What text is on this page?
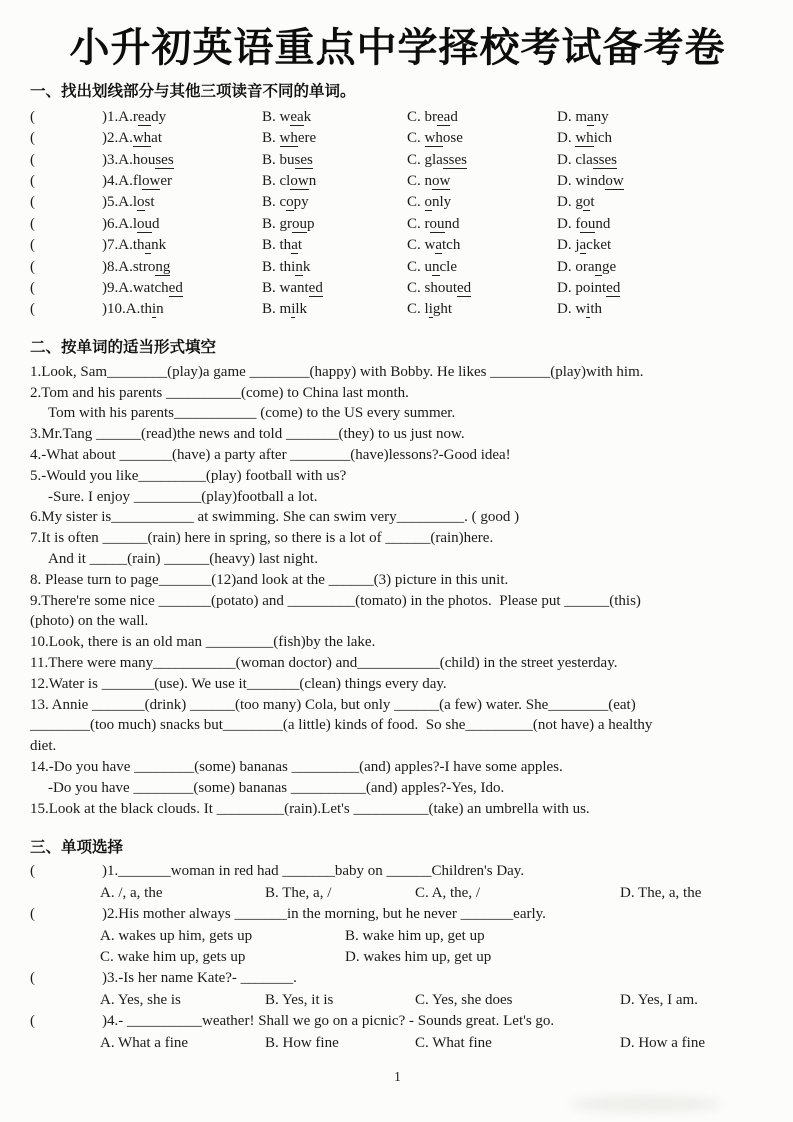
小升初英语重点中学择校考试备考卷
一、找出划线部分与其他三项读音不同的单词。
(	)1.A.ready	B. weak	C. bread	D. many
(	)2.A.what	B. where	C. whose	D. which
(	)3.A.houses	B. buses	C. glasses	D. classes
(	)4.A.flower	B. clown	C. now	D. window
(	)5.A.lost	B. copy	C. only	D. got
(	)6.A.loud	B. group	C. round	D. found
(	)7.A.thank	B. that	C. watch	D. jacket
(	)8.A.strong	B. think	C. uncle	D. orange
(	)9.A.watched	B. wanted	C. shouted	D. pointed
(	)10.A.thin	B. milk	C. light	D. with
二、按单词的适当形式填空
1.Look, Sam________(play)a game ________(happy) with Bobby. He likes ________(play)with him.
2.Tom and his parents __________(come) to China last month.
Tom with his parents___________ (come) to the US every summer.
3.Mr.Tang ______(read)the news and told _______(they) to us just now.
4.-What about _______(have) a party after ________(have)lessons?-Good idea!
5.-Would you like_________(play) football with us?
-Sure. I enjoy _________(play)football a lot.
6.My sister is___________ at swimming. She can swim very_________. ( good )
7.It is often ______(rain) here in spring, so there is a lot of ______(rain)here.
And it _____(rain) ______(heavy) last night.
8. Please turn to page_______(12)and look at the ______(3) picture in this unit.
9.There're some nice _______(potato) and _________(tomato) in the photos.  Please put ______(this)
(photo) on the wall.
10.Look, there is an old man _________(fish)by the lake.
11.There were many___________(woman doctor) and___________(child) in the street yesterday.
12.Water is _______(use). We use it_______(clean) things every day.
13. Annie _______(drink) ______(too many) Cola, but only ______(a few) water. She________(eat)
________(too much) snacks but________(a little) kinds of food.  So she_________(not have) a healthy
diet.
14.-Do you have ________(some) bananas _________(and) apples?-I have some apples.
-Do you have ________(some) bananas __________(and) apples?-Yes, Ido.
15.Look at the black clouds. It _________(rain).Let's __________(take) an umbrella with us.
三、单项选择
(	)1._______woman in red had _______baby on ______Children's Day.
A. /, a, the	B. The, a, /	C. A, the, /	D. The, a, the
(	)2.His mother always _______in the morning, but he never _______early.
A. wakes up him, gets up	B. wake him up, get up
C. wake him up, gets up	D. wakes him up, get up
(	)3.-Is her name Kate?- _______.
A. Yes, she is	B. Yes, it is	C. Yes, she does	D. Yes, I am.
(	)4.- __________weather! Shall we go on a picnic? - Sounds great. Let's go.
A. What a fine	B. How fine	C. What fine	D. How a fine
1
